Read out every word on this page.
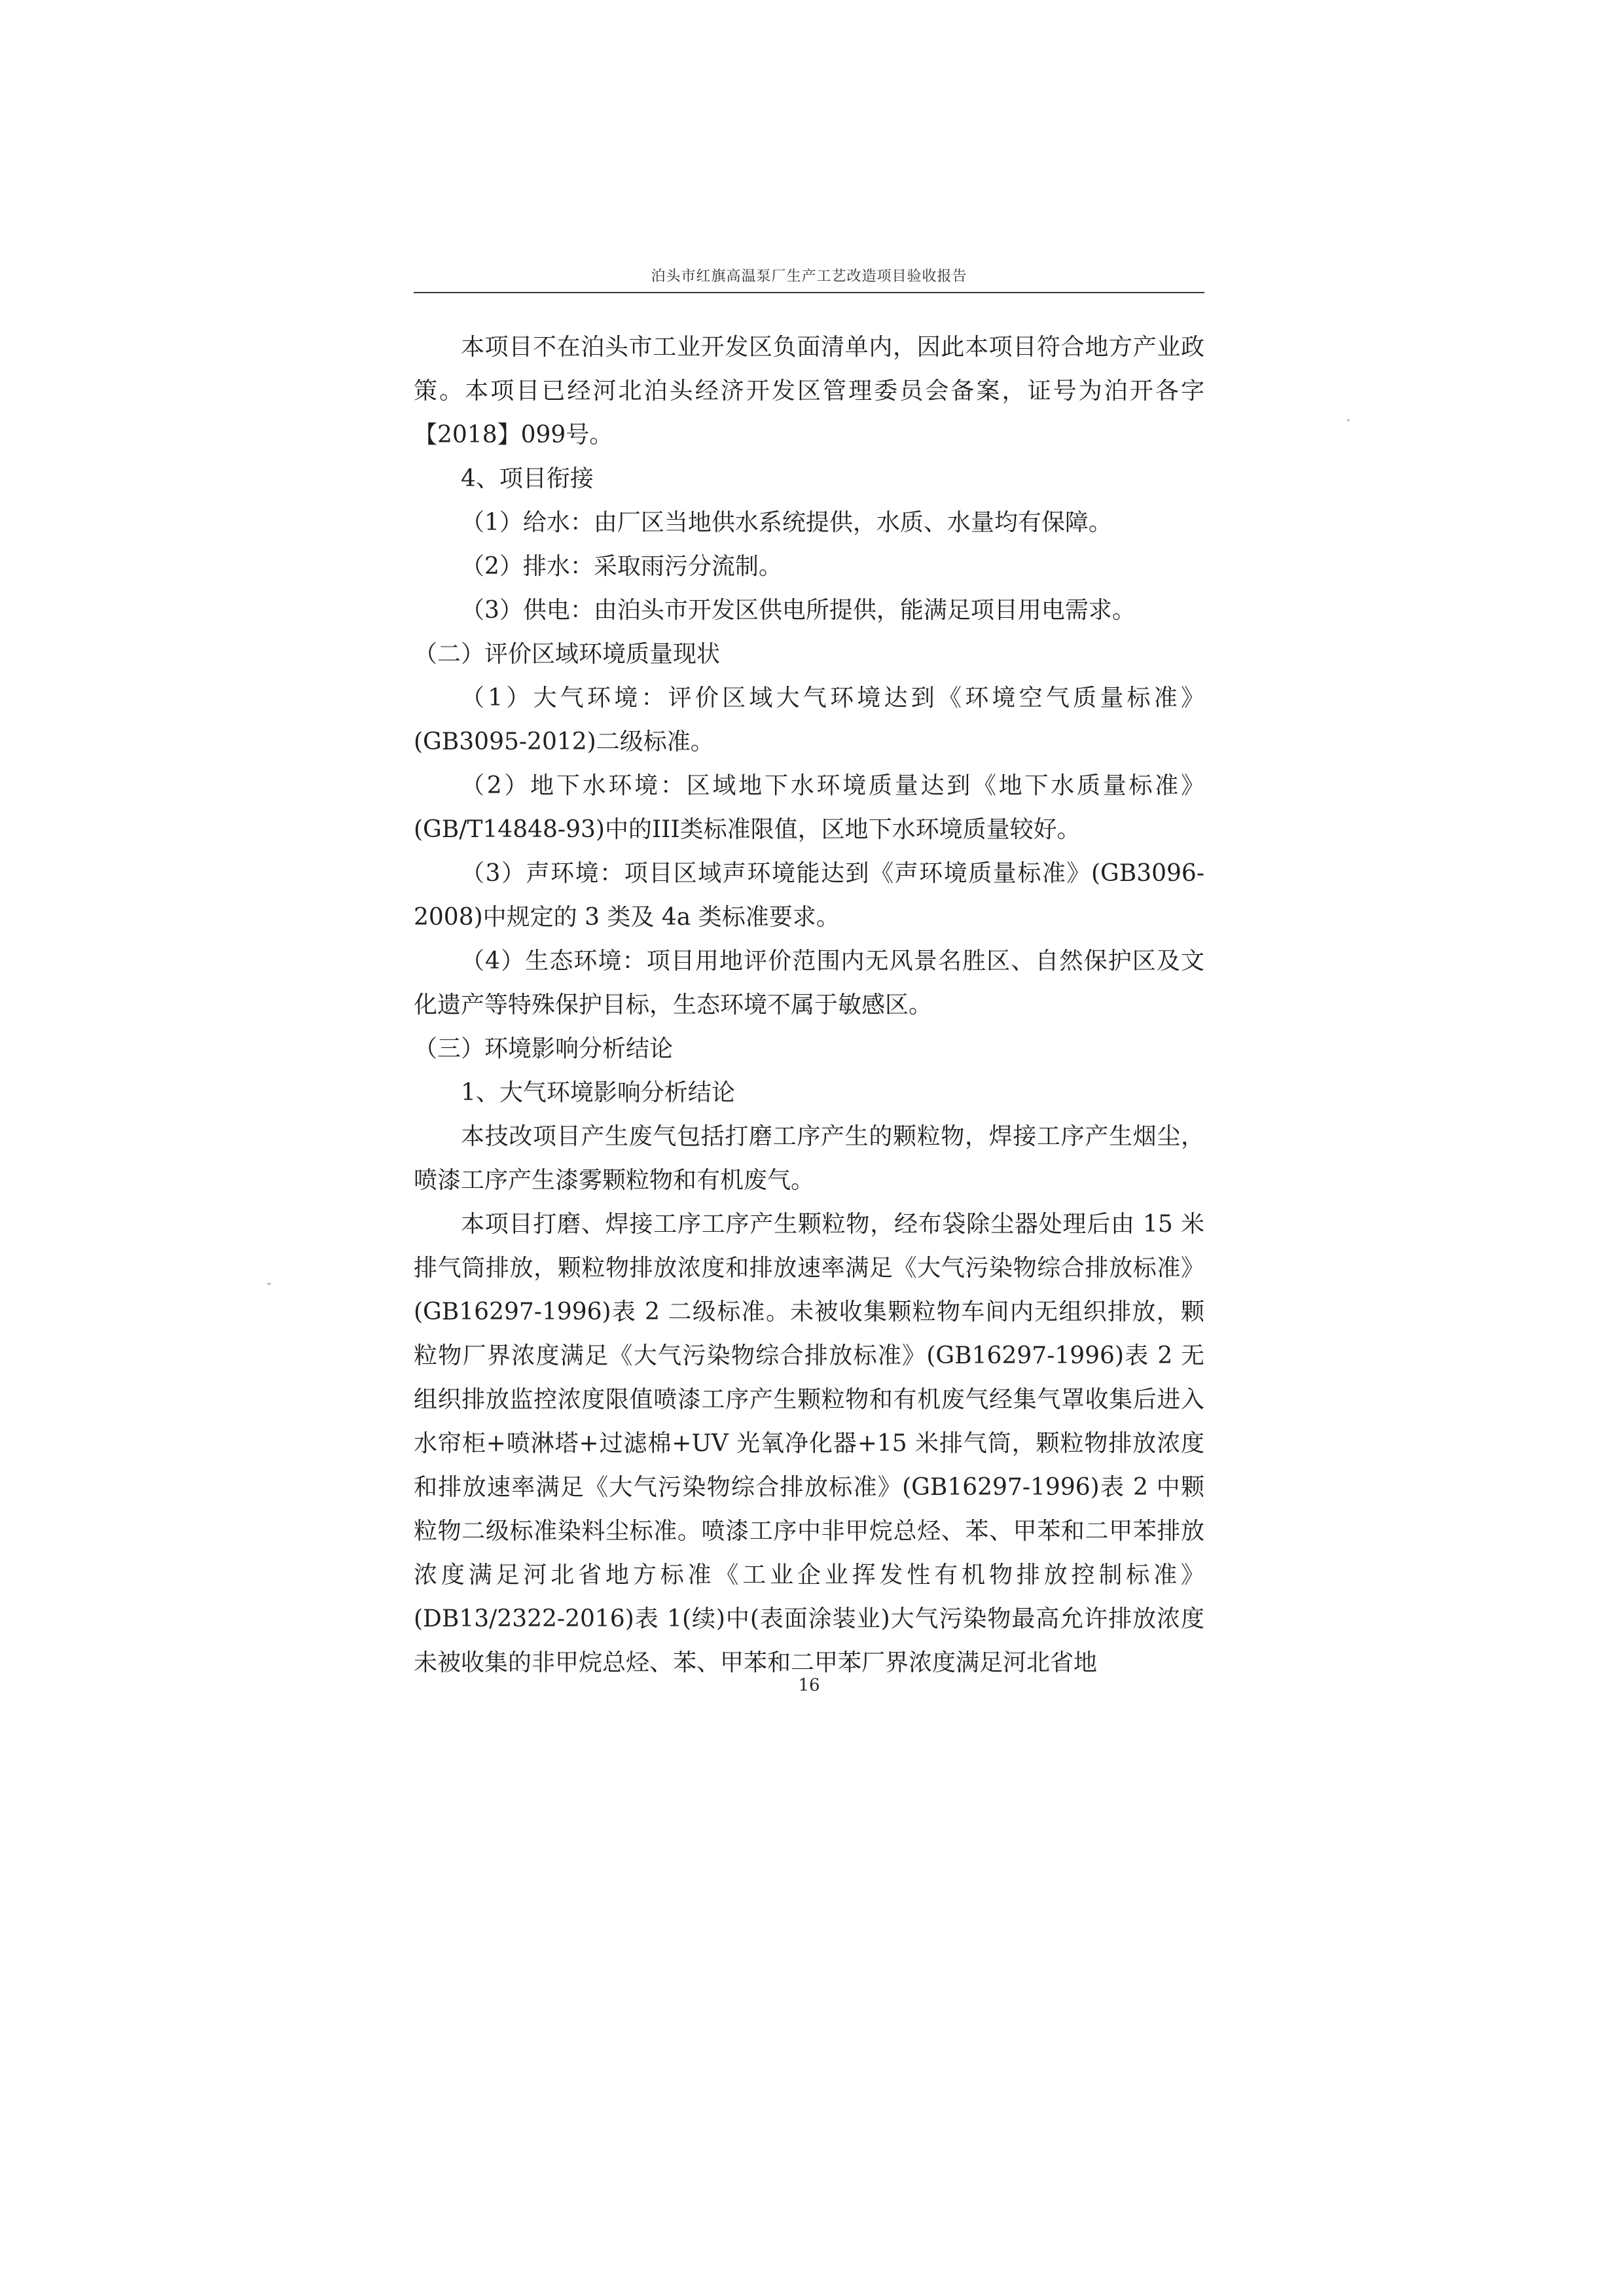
泊头市红旗高温泵厂生产工艺改造项目验收报告

本项目不在泊头市工业开发区负面清单内，因此本项目符合地方产业政策。本项目已经河北泊头经济开发区管理委员会备案，证号为泊开各字【2018】099号。

4、项目衔接

（1）给水：由厂区当地供水系统提供，水质、水量均有保障。

（2）排水：采取雨污分流制。

（3）供电：由泊头市开发区供电所提供，能满足项目用电需求。

（二）评价区域环境质量现状

（1）大气环境：评价区域大气环境达到《环境空气质量标准》(GB3095-2012)二级标准。

（2）地下水环境：区域地下水环境质量达到《地下水质量标准》(GB/T14848-93)中的III类标准限值，区地下水环境质量较好。

（3）声环境：项目区域声环境能达到《声环境质量标准》(GB3096-2008)中规定的 3 类及 4a 类标准要求。

（4）生态环境：项目用地评价范围内无风景名胜区、自然保护区及文化遗产等特殊保护目标，生态环境不属于敏感区。

（三）环境影响分析结论

1、大气环境影响分析结论

本技改项目产生废气包括打磨工序产生的颗粒物，焊接工序产生烟尘，喷漆工序产生漆雾颗粒物和有机废气。

本项目打磨、焊接工序工序产生颗粒物，经布袋除尘器处理后由 15 米排气筒排放，颗粒物排放浓度和排放速率满足《大气污染物综合排放标准》(GB16297-1996)表 2 二级标准。未被收集颗粒物车间内无组织排放，颗粒物厂界浓度满足《大气污染物综合排放标准》(GB16297-1996)表 2 无组织排放监控浓度限值喷漆工序产生颗粒物和有机废气经集气罩收集后进入水帘柜+喷淋塔+过滤棉+UV 光氧净化器+15 米排气筒，颗粒物排放浓度和排放速率满足《大气污染物综合排放标准》(GB16297-1996)表 2 中颗粒物二级标准染料尘标准。喷漆工序中非甲烷总烃、苯、甲苯和二甲苯排放浓度满足河北省地方标准《工业企业挥发性有机物排放控制标准》(DB13/2322-2016)表 1(续)中(表面涂装业)大气污染物最高允许排放浓度未被收集的非甲烷总烃、苯、甲苯和二甲苯厂界浓度满足河北省地

16
